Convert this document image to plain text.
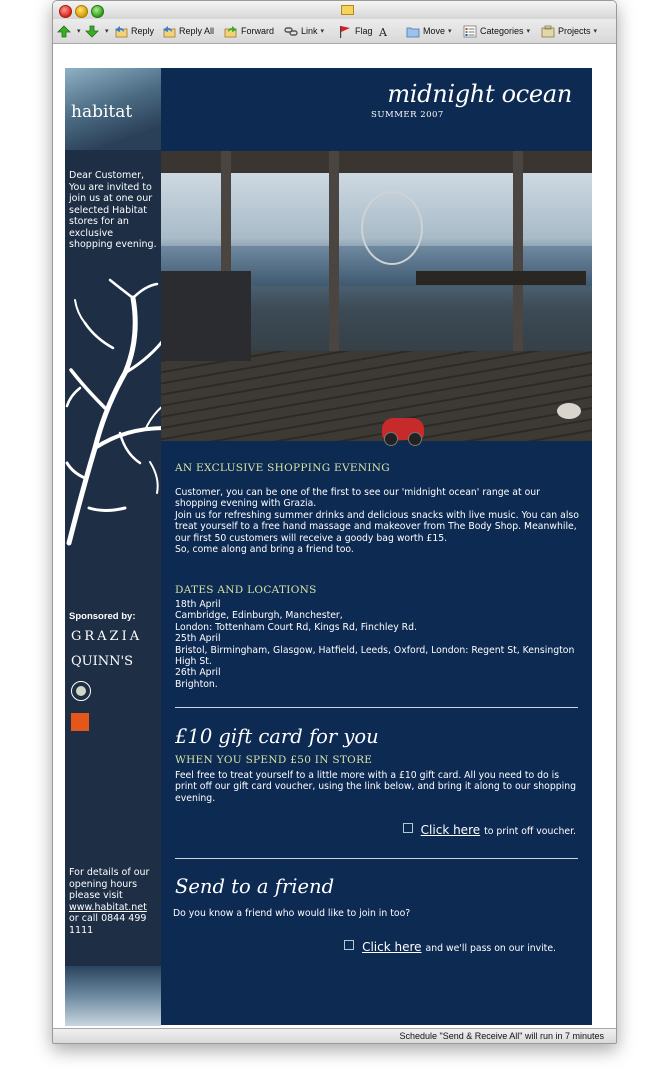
▾	▾ Reply	Reply All	Forward	Link ▾	Flag A	Move ▾	Categories ▾	Projects ▾
habitat
Dear Customer, You are invited to join us at one our selected Habitat stores for an exclusive shopping evening.
Sponsored by:
GRAZIA
QUINN'S
For details of our opening hours please visit
www.habitat.net
or call 0844 499 1111
midnight ocean
SUMMER 2007
AN EXCLUSIVE SHOPPING EVENING
Customer, you can be one of the first to see our 'midnight ocean' range at our shopping evening with Grazia.
Join us for refreshing summer drinks and delicious snacks with live music. You can also treat yourself to a free hand massage and makeover from The Body Shop. Meanwhile, our first 50 customers will receive a goody bag worth £15.
So, come along and bring a friend too.
DATES AND LOCATIONS
18th April
Cambridge, Edinburgh, Manchester,
London: Tottenham Court Rd, Kings Rd, Finchley Rd.
25th April
Bristol, Birmingham, Glasgow, Hatfield, Leeds, Oxford, London: Regent St, Kensington High St.
26th April
Brighton.
£10 gift card for you
WHEN YOU SPEND £50 IN STORE
Feel free to treat yourself to a little more with a £10 gift card. All you need to do is print off our gift card voucher, using the link below, and bring it along to our shopping evening.
Click here to print off voucher.
Send to a friend
Do you know a friend who would like to join in too?
Click here and we'll pass on our invite.
Schedule "Send & Receive All" will run in 7 minutes
